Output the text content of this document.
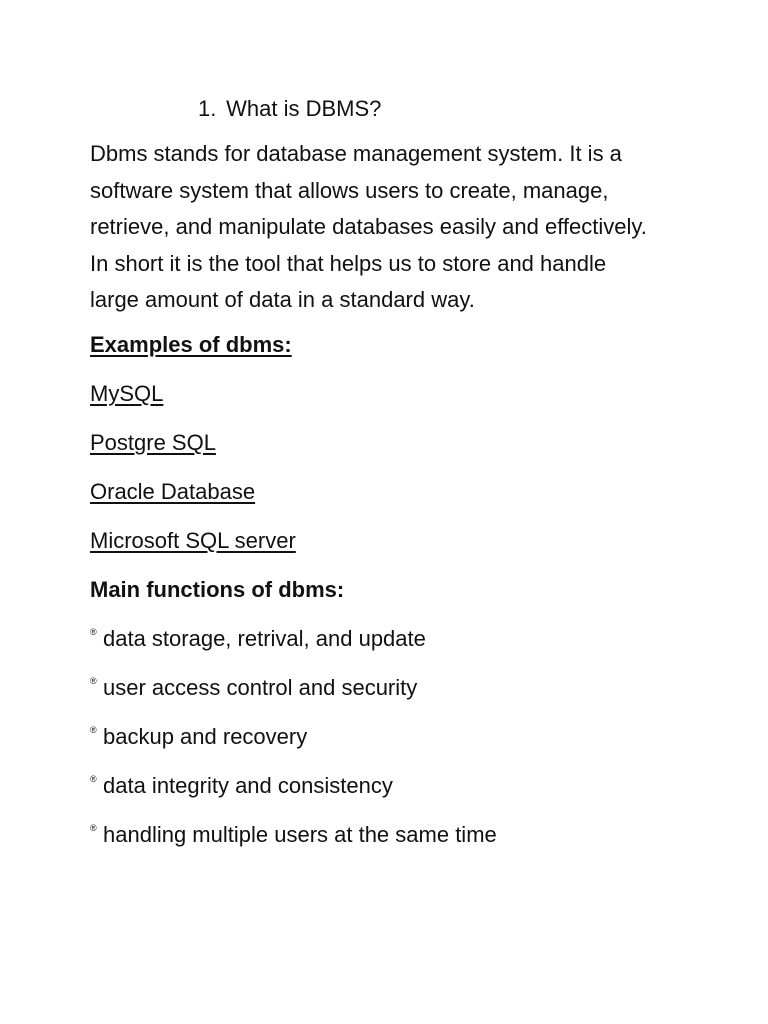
1. What is DBMS?
Dbms stands for database management system. It is a
software system that allows users to create, manage,
retrieve, and manipulate databases easily and effectively.
In short it is the tool that helps us to store and handle
large amount of data in a standard way.
Examples of dbms:
MySQL
Postgre SQL
Oracle Database
Microsoft SQL server
Main functions of dbms:
® data storage, retrival, and update
® user access control and security
® backup and recovery
® data integrity and consistency
® handling multiple users at the same time
